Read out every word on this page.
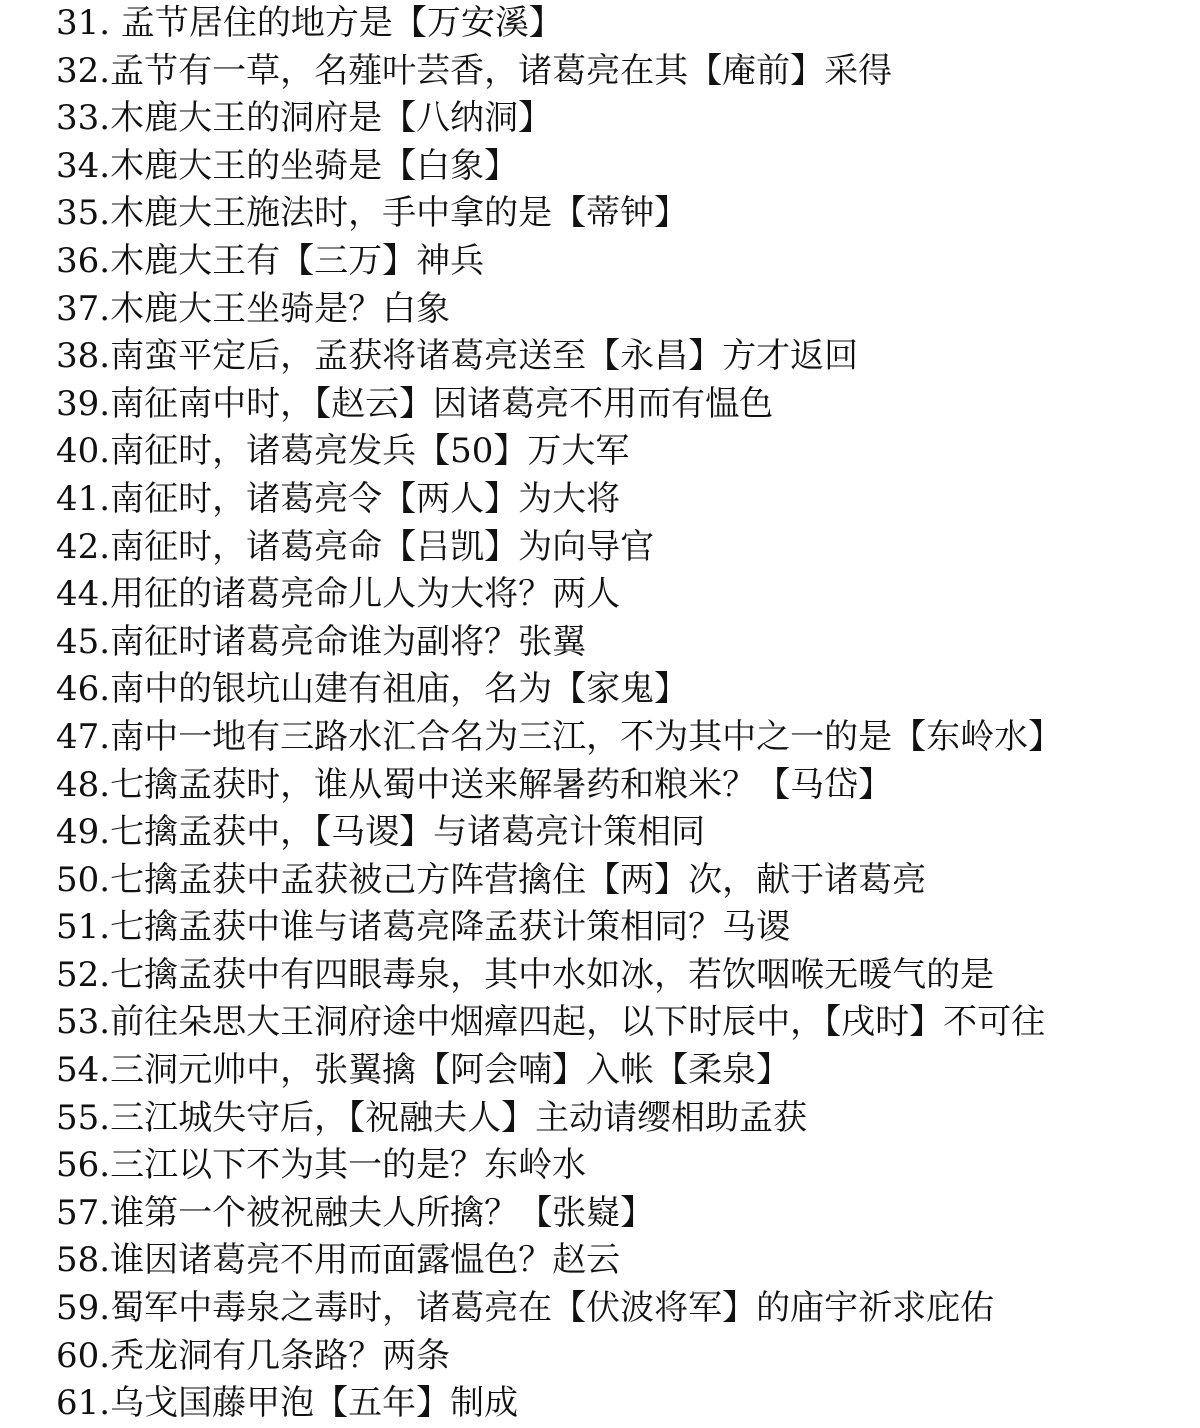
31. 孟节居住的地方是【万安溪】
32.孟节有一草，名薤叶芸香，诸葛亮在其【庵前】采得
33.木鹿大王的洞府是【八纳洞】
34.木鹿大王的坐骑是【白象】
35.木鹿大王施法时，手中拿的是【蒂钟】
36.木鹿大王有【三万】神兵
37.木鹿大王坐骑是？白象
38.南蛮平定后，孟获将诸葛亮送至【永昌】方才返回
39.南征南中时，【赵云】因诸葛亮不用而有愠色
40.南征时，诸葛亮发兵【50】万大军
41.南征时，诸葛亮令【两人】为大将
42.南征时，诸葛亮命【吕凯】为向导官
44.用征的诸葛亮命儿人为大将？两人
45.南征时诸葛亮命谁为副将？张翼
46.南中的银坑山建有祖庙，名为【家鬼】
47.南中一地有三路水汇合名为三江，不为其中之一的是【东岭水】
48.七擒孟获时，谁从蜀中送来解暑药和粮米？【马岱】
49.七擒孟获中，【马谡】与诸葛亮计策相同
50.七擒孟获中孟获被己方阵营擒住【两】次，献于诸葛亮
51.七擒孟获中谁与诸葛亮降孟获计策相同？马谡
52.七擒孟获中有四眼毒泉，其中水如冰，若饮咽喉无暖气的是
53.前往朵思大王洞府途中烟瘴四起，以下时辰中，【戌时】不可往
54.三洞元帅中，张翼擒【阿会喃】入帐【柔泉】
55.三江城失守后，【祝融夫人】主动请缨相助孟获
56.三江以下不为其一的是？东岭水
57.谁第一个被祝融夫人所擒？【张嶷】
58.谁因诸葛亮不用而面露愠色？赵云
59.蜀军中毒泉之毒时，诸葛亮在【伏波将军】的庙宇祈求庇佑
60.秃龙洞有几条路？两条
61.乌戈国藤甲泡【五年】制成
